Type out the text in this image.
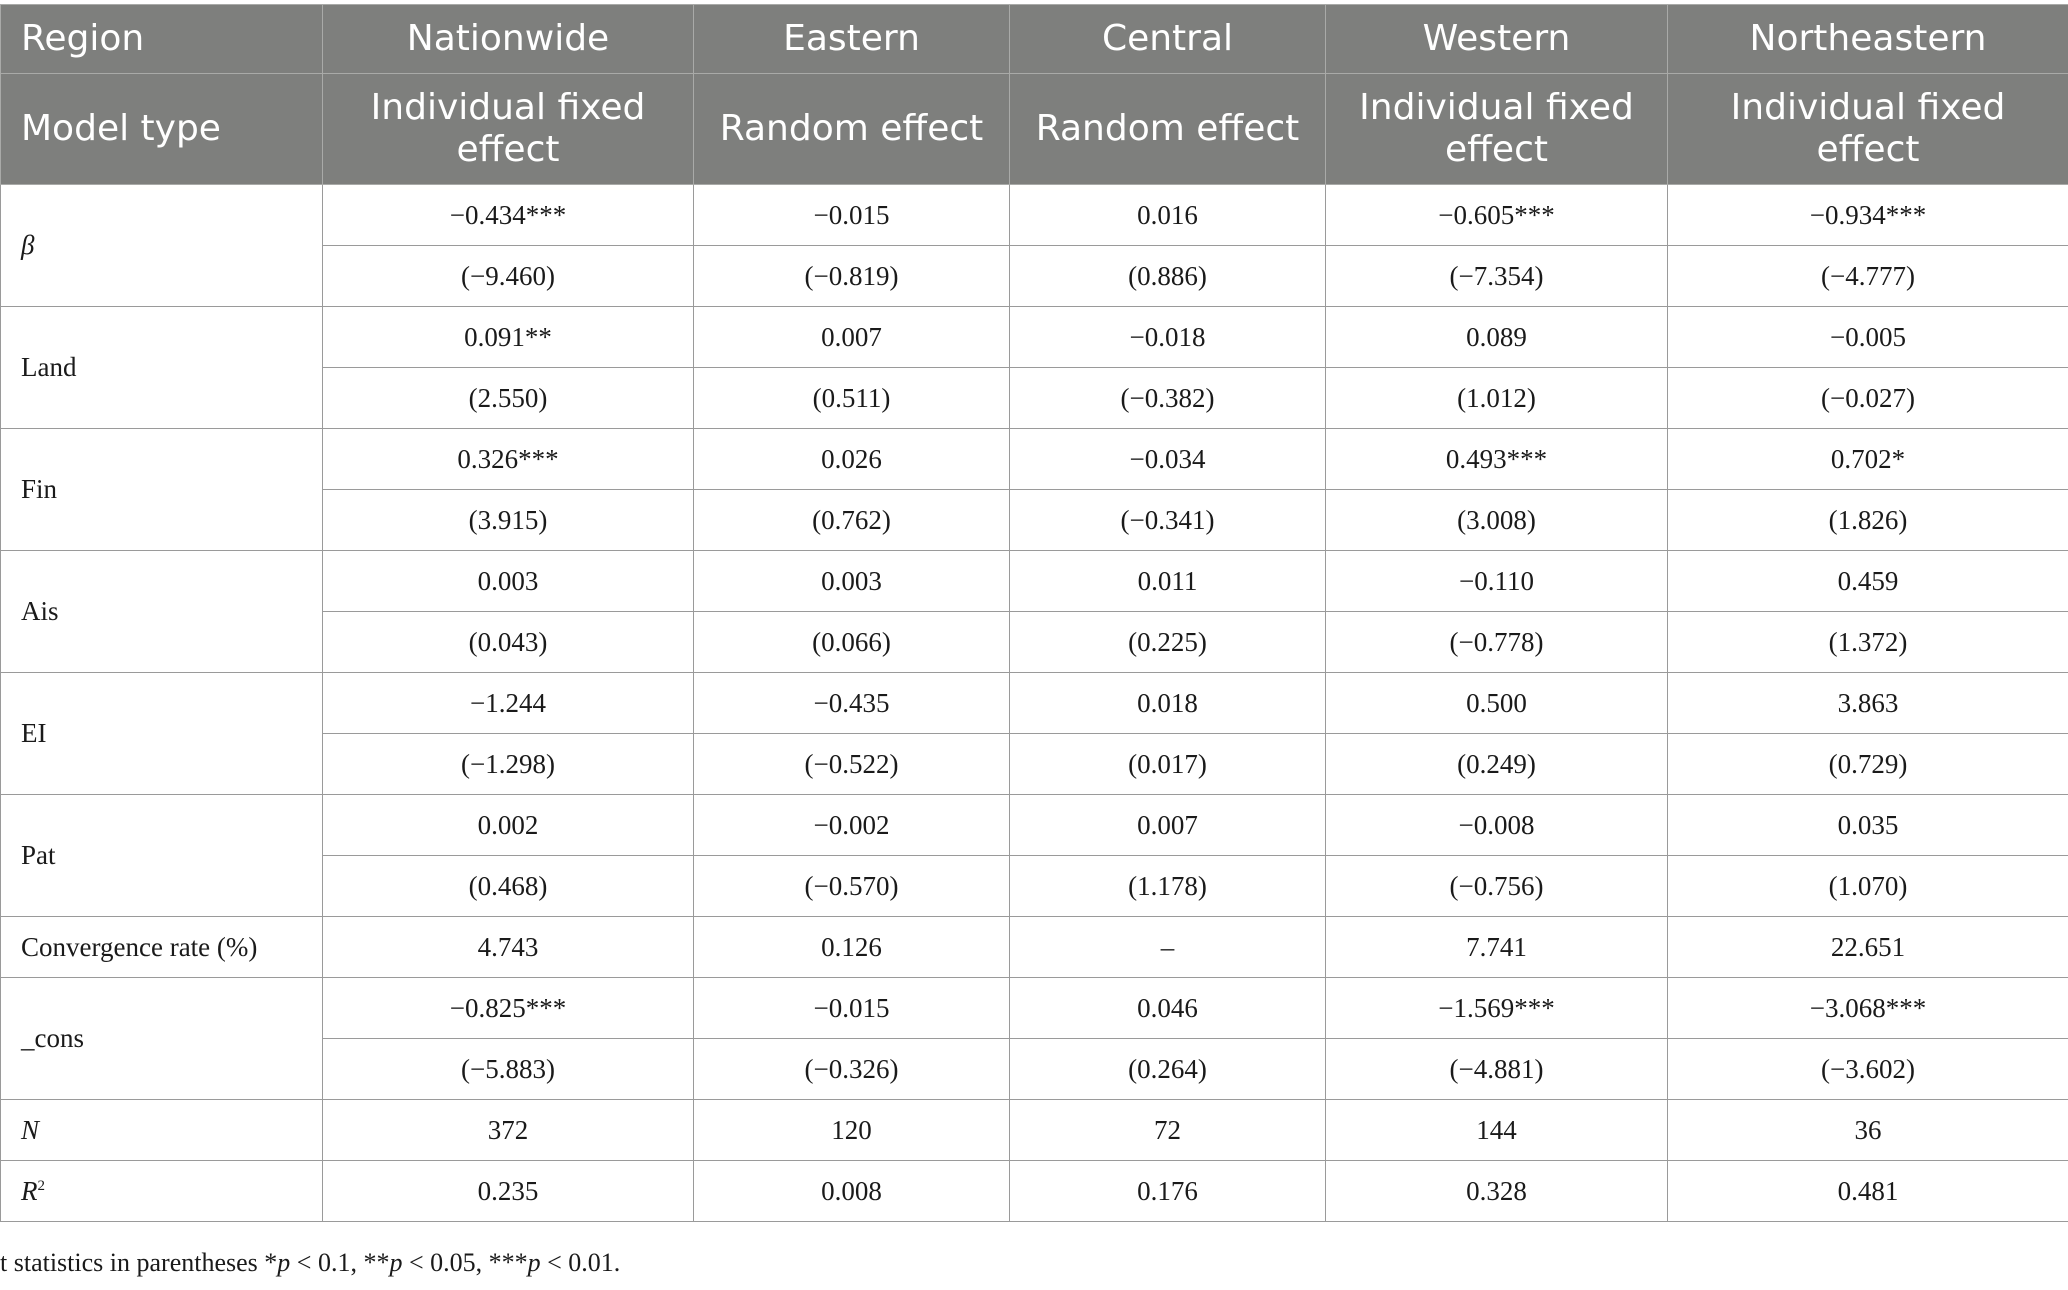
Region	Nationwide	Eastern	Central	Western	Northeastern
Model type	Individual fixed effect	Random effect	Random effect	Individual fixed effect	Individual fixed effect
β	−0.434***	−0.015	0.016	−0.605***	−0.934***
	(−9.460)	(−0.819)	(0.886)	(−7.354)	(−4.777)
Land	0.091**	0.007	−0.018	0.089	−0.005
	(2.550)	(0.511)	(−0.382)	(1.012)	(−0.027)
Fin	0.326***	0.026	−0.034	0.493***	0.702*
	(3.915)	(0.762)	(−0.341)	(3.008)	(1.826)
Ais	0.003	0.003	0.011	−0.110	0.459
	(0.043)	(0.066)	(0.225)	(−0.778)	(1.372)
EI	−1.244	−0.435	0.018	0.500	3.863
	(−1.298)	(−0.522)	(0.017)	(0.249)	(0.729)
Pat	0.002	−0.002	0.007	−0.008	0.035
	(0.468)	(−0.570)	(1.178)	(−0.756)	(1.070)
Convergence rate (%)	4.743	0.126	–	7.741	22.651
_cons	−0.825***	−0.015	0.046	−1.569***	−3.068***
	(−5.883)	(−0.326)	(0.264)	(−4.881)	(−3.602)
N	372	120	72	144	36
$R^2$	0.235	0.008	0.176	0.328	0.481
t statistics in parentheses *p < 0.1, **p < 0.05, ***p < 0.01.
